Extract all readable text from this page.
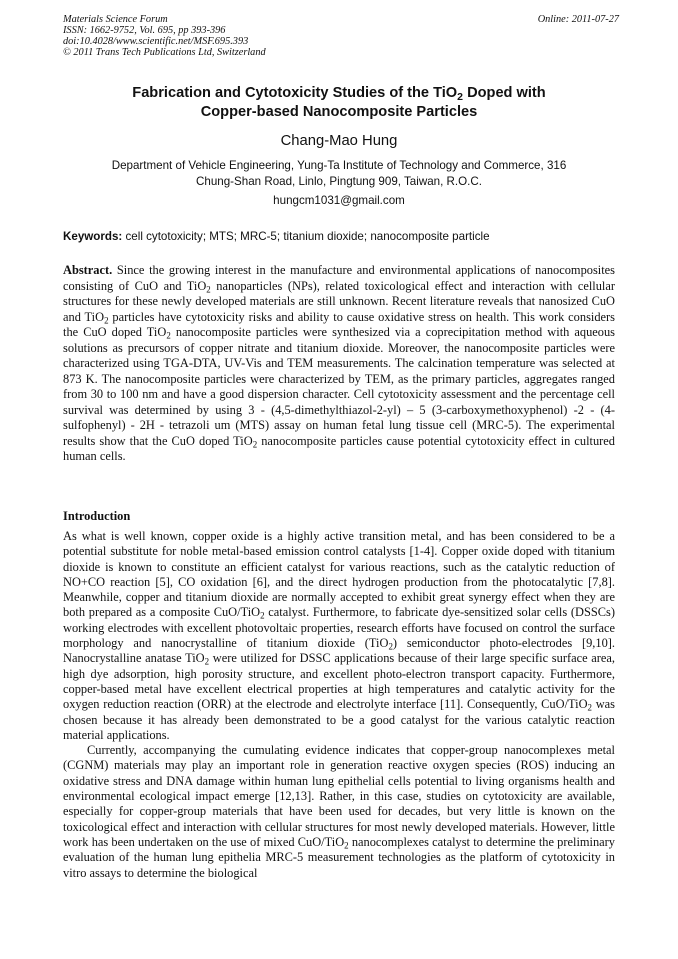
Materials Science Forum
ISSN: 1662-9752, Vol. 695, pp 393-396
doi:10.4028/www.scientific.net/MSF.695.393
© 2011 Trans Tech Publications Ltd, Switzerland
Online: 2011-07-27
Fabrication and Cytotoxicity Studies of the TiO$_2$ Doped with
Copper-based Nanocomposite Particles
Chang-Mao Hung
Department of Vehicle Engineering, Yung-Ta Institute of Technology and Commerce, 316
Chung-Shan Road, Linlo, Pingtung 909, Taiwan, R.O.C.
hungcm1031@gmail.com
Keywords: cell cytotoxicity; MTS; MRC-5; titanium dioxide; nanocomposite particle

Abstract. Since the growing interest in the manufacture and environmental applications of nanocomposites consisting of CuO and TiO$_2$ nanoparticles (NPs), related toxicological effect and interaction with cellular structures for these newly developed materials are still unknown. Recent literature reveals that nanosized CuO and TiO$_2$ particles have cytotoxicity risks and ability to cause oxidative stress on health. This work considers the CuO doped TiO$_2$ nanocomposite particles were synthesized via a coprecipitation method with aqueous solutions as precursors of copper nitrate and titanium dioxide. Moreover, the nanocomposite particles were characterized using TGA-DTA, UV-Vis and TEM measurements. The calcination temperature was selected at 873 K. The nanocomposite particles were characterized by TEM, as the primary particles, aggregates ranged from 30 to 100 nm and have a good dispersion character. Cell cytotoxicity assessment and the percentage cell survival was determined by using 3 - (4,5-dimethylthiazol-2-yl) – 5 (3-carboxymethoxyphenol) -2 - (4-sulfophenyl) - 2H - tetrazoli um (MTS) assay on human fetal lung tissue cell (MRC-5). The experimental results show that the CuO doped TiO$_2$ nanocomposite particles cause potential cytotoxicity effect in cultured human cells.

Introduction

As what is well known, copper oxide is a highly active transition metal, and has been considered to be a potential substitute for noble metal-based emission control catalysts [1-4]. Copper oxide doped with titanium dioxide is known to constitute an efficient catalyst for various reactions, such as the catalytic reduction of NO+CO reaction [5], CO oxidation [6], and the direct hydrogen production from the photocatalytic [7,8]. Meanwhile, copper and titanium dioxide are normally accepted to exhibit great synergy effect when they are both prepared as a composite CuO/TiO$_2$ catalyst. Furthermore, to fabricate dye-sensitized solar cells (DSSCs) working electrodes with excellent photovoltaic properties, research efforts have focused on control the surface morphology and nanocrystalline of titanium dioxide (TiO$_2$) semiconductor photo-electrodes [9,10]. Nanocrystalline anatase TiO$_2$ were utilized for DSSC applications because of their large specific surface area, high dye adsorption, high porosity structure, and excellent photo-electron transport capacity. Furthermore, copper-based metal have excellent electrical properties at high temperatures and catalytic activity for the oxygen reduction reaction (ORR) at the electrode and electrolyte interface [11]. Consequently, CuO/TiO$_2$ was chosen because it has already been demonstrated to be a good catalyst for the various catalytic reaction material applications.

Currently, accompanying the cumulating evidence indicates that copper-group nanocomplexes metal (CGNM) materials may play an important role in generation reactive oxygen species (ROS) inducing an oxidative stress and DNA damage within human lung epithelial cells potential to living organisms health and environmental ecological impact emerge [12,13]. Rather, in this case, studies on cytotoxicity are available, especially for copper-group materials that have been used for decades, but very little is known on the toxicological effect and interaction with cellular structures for most newly developed materials. However, little work has been undertaken on the use of mixed CuO/TiO$_2$ nanocomplexes catalyst to determine the preliminary evaluation of the human lung epithelia MRC-5 measurement technologies as the platform of cytotoxicity in vitro assays to determine the biological
